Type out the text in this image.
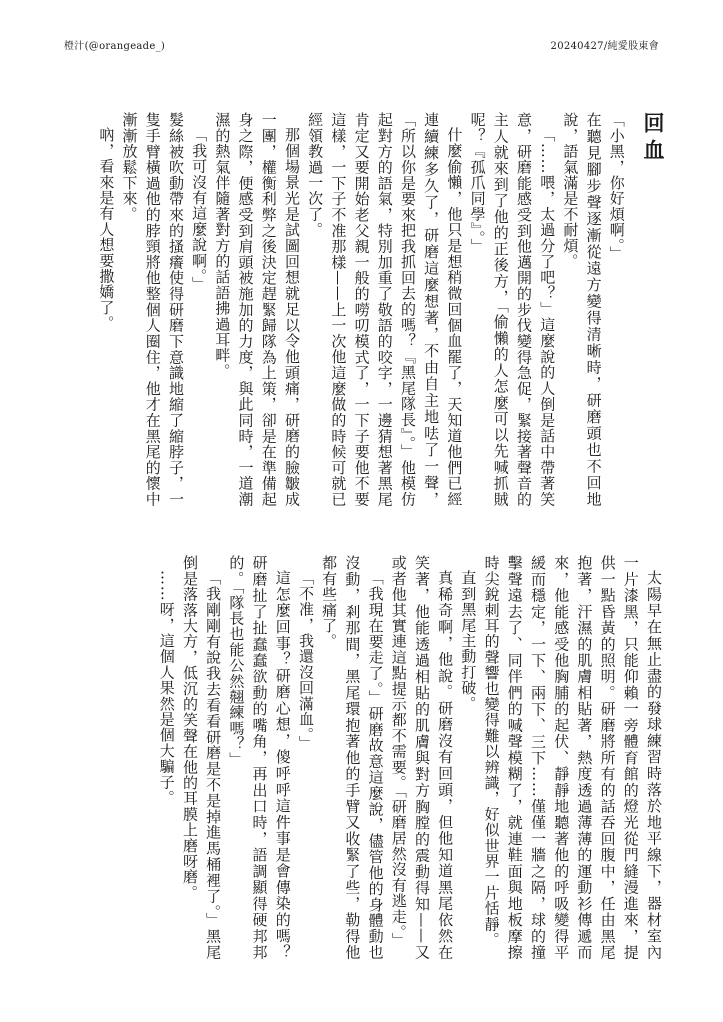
橙汁(@orangeade_)	20240427/純愛股東會
回血

「小黑，你好煩啊。」

在聽見腳步聲逐漸從遠方變得清晰時，研磨頭也不回地說，語氣滿是不耐煩。

「……喂，太過分了吧？」這麼說的人倒是話中帶著笑意，研磨能感受到他邁開的步伐變得急促，緊接著聲音的主人就來到了他的正後方，「偷懶的人怎麼可以先喊抓賊呢？『孤爪同學』。」

什麼偷懶，他只是想稍微回個血罷了，天知道他們已經連續練多久了，研磨這麼想著，不由自主地呿了一聲，「所以你是要來把我抓回去的嗎？『黑尾隊長』。」他模仿起對方的語氣，特別加重了敬語的咬字，一邊猜想著黑尾肯定又要開始老父親一般的嘮叨模式了，一下子要他不要這樣，一下子不准那樣——上一次他這麼做的時候可就已經領教過一次了。

那個場景光是試圖回想就足以令他頭痛，研磨的臉皺成一團，權衡利弊之後決定趕緊歸隊為上策，卻是在準備起身之際，便感受到肩頭被施加的力度，與此同時，一道潮濕的熱氣伴隨著對方的話語拂過耳畔。

「我可沒有這麼說啊。」

髮絲被吹動帶來的搔癢使得研磨下意識地縮了縮脖子，一隻手臂橫過他的脖頸將他整個人圈住，他才在黑尾的懷中漸漸放鬆下來。

吶，看來是有人想要撒嬌了。

太陽早在無止盡的發球練習時落於地平線下，器材室內一片漆黑，只能仰賴一旁體育館的燈光從門縫漫進來，提供一點昏黃的照明。研磨將所有的話吞回腹中，任由黑尾抱著，汗濕的肌膚相貼著，熱度透過薄薄的運動衫傳遞而來，他能感受他胸脯的起伏、靜靜地聽著他的呼吸變得平緩而穩定，一下、兩下、三下……僅僅一牆之隔，球的撞擊聲遠去了、同伴們的喊聲模糊了，就連鞋面與地板摩擦時尖銳刺耳的聲響也變得難以辨識，好似世界一片恬靜。

直到黑尾主動打破。

真稀奇啊，他說。研磨沒有回頭，但他知道黑尾依然在笑著，他能透過相貼的肌膚與對方胸膛的震動得知——又或者他其實連這點提示都不需要。「研磨居然沒有逃走。」

「我現在要走了。」研磨故意這麼說，儘管他的身體動也沒動，剎那間，黑尾環抱著他的手臂又收緊了些，勒得他都有些痛了。

「不准，我還沒回滿血。」

這怎麼回事？研磨心想，傻呼呼這件事是會傳染的嗎？研磨扯了扯蠢蠢欲動的嘴角，再出口時，語調顯得硬邦邦的。「隊長也能公然翹練嗎？」

「我剛剛有說我去看看研磨是不是掉進馬桶裡了。」黑尾倒是落落大方，低沉的笑聲在他的耳膜上磨呀磨。

……呀，這個人果然是個大騙子。
